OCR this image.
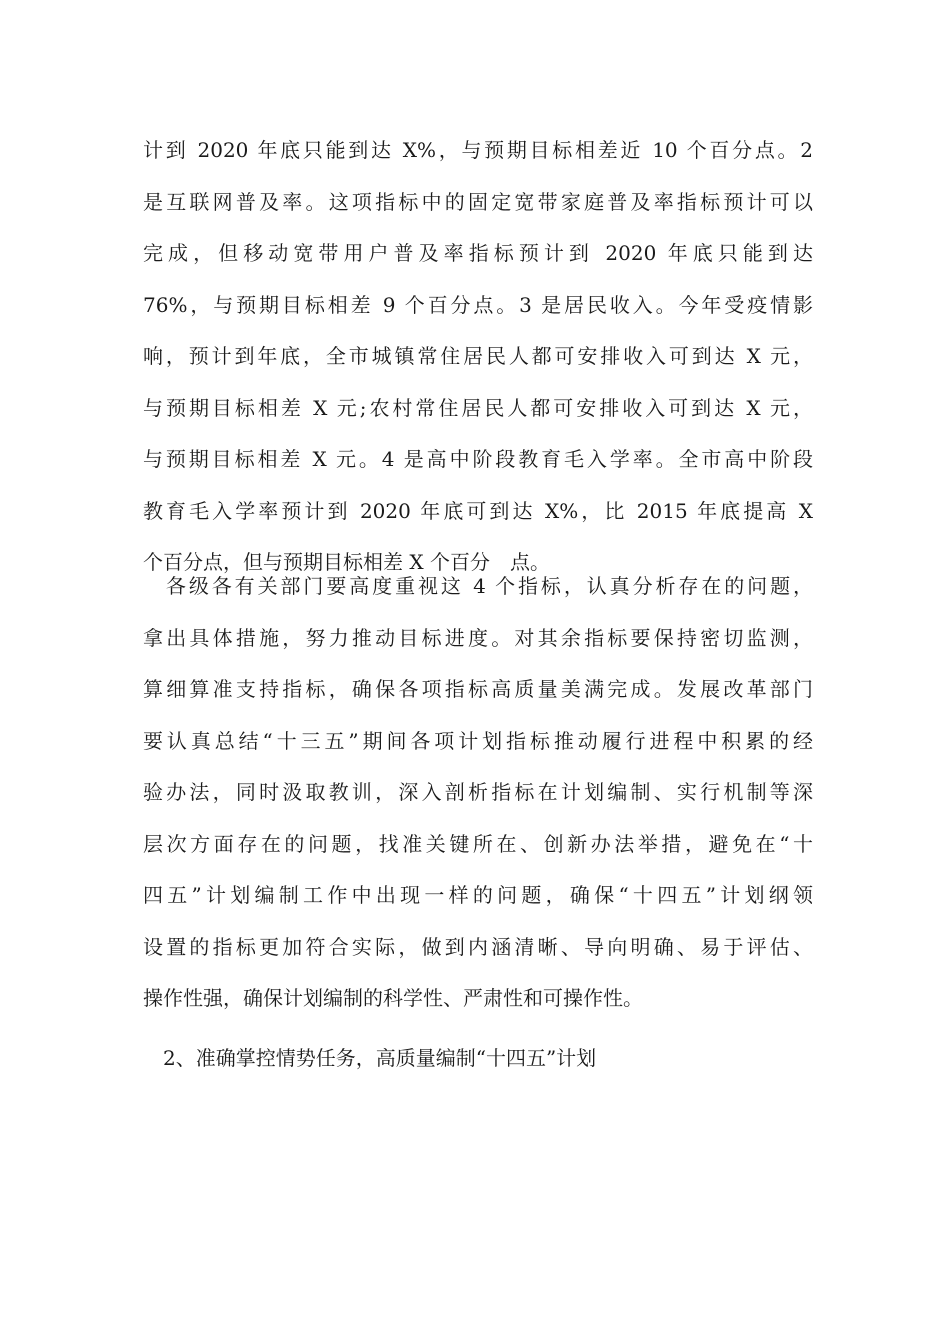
计到 2020 年底只能到达 X%，与预期目标相差近 10 个百分点。2
是互联网普及率。这项指标中的固定宽带家庭普及率指标预计可以
完成，但移动宽带用户普及率指标预计到 2020 年底只能到达
76%，与预期目标相差 9 个百分点。3 是居民收入。今年受疫情影
响，预计到年底，全市城镇常住居民人都可安排收入可到达 X 元，
与预期目标相差 X 元;农村常住居民人都可安排收入可到达 X 元，
与预期目标相差 X 元。4 是高中阶段教育毛入学率。全市高中阶段
教育毛入学率预计到 2020 年底可到达 X%，比 2015 年底提高 X
个百分点，但与预期目标相差 X 个百分　点。
　各级各有关部门要高度重视这 4 个指标，认真分析存在的问题，
拿出具体措施，努力推动目标进度。对其余指标要保持密切监测，
算细算准支持指标，确保各项指标高质量美满完成。发展改革部门
要认真总结“十三五”期间各项计划指标推动履行进程中积累的经
验办法，同时汲取教训，深入剖析指标在计划编制、实行机制等深
层次方面存在的问题，找准关键所在、创新办法举措，避免在“十
四五”计划编制工作中出现一样的问题，确保“十四五”计划纲领
设置的指标更加符合实际，做到内涵清晰、导向明确、易于评估、
操作性强，确保计划编制的科学性、严肃性和可操作性。
　2、准确掌控情势任务，高质量编制“十四五”计划
